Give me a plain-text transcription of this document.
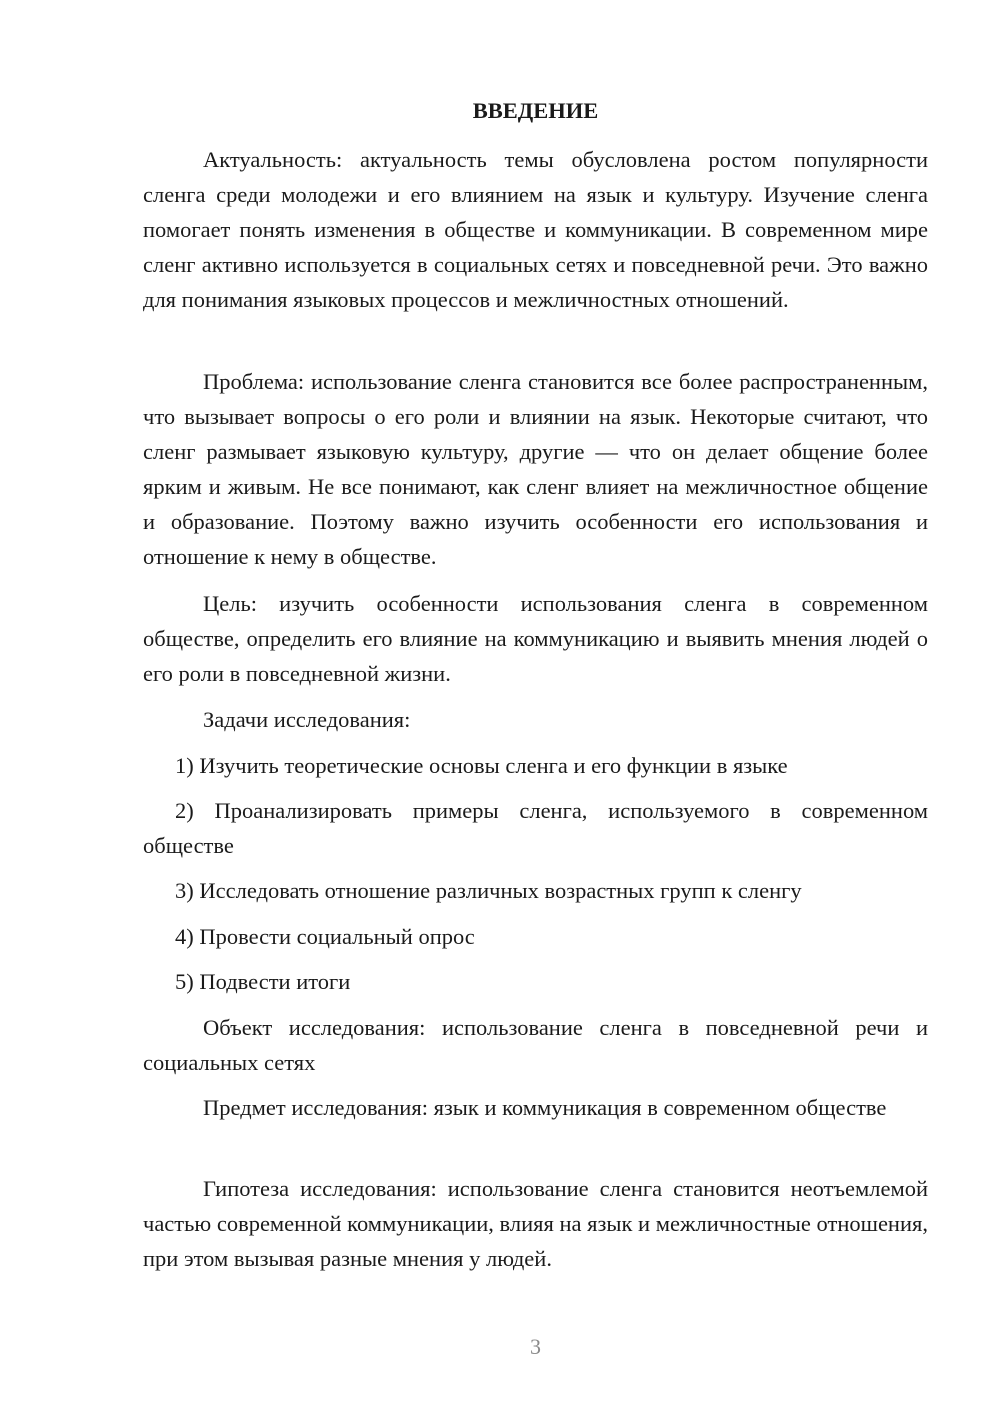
ВВЕДЕНИЕ

Актуальность: актуальность темы обусловлена ростом популярности сленга среди молодежи и его влиянием на язык и культуру. Изучение сленга помогает понять изменения в обществе и коммуникации. В современном мире сленг активно используется в социальных сетях и повседневной речи. Это важно для понимания языковых процессов и межличностных отношений.

Проблема: использование сленга становится все более распространенным, что вызывает вопросы о его роли и влиянии на язык. Некоторые считают, что сленг размывает языковую культуру, другие — что он делает общение более ярким и живым. Не все понимают, как сленг влияет на межличностное общение и образование. Поэтому важно изучить особенности его использования и отношение к нему в обществе.

Цель: изучить особенности использования сленга в современном обществе, определить его влияние на коммуникацию и выявить мнения людей о его роли в повседневной жизни.

Задачи исследования:

1) Изучить теоретические основы сленга и его функции в языке

2) Проанализировать примеры сленга, используемого в современном обществе

3) Исследовать отношение различных возрастных групп к сленгу

4) Провести социальный опрос

5) Подвести итоги

Объект исследования: использование сленга в повседневной речи и социальных сетях

Предмет исследования: язык и коммуникация в современном обществе

Гипотеза исследования: использование сленга становится неотъемлемой частью современной коммуникации, влияя на язык и межличностные отношения, при этом вызывая разные мнения у людей.

3
